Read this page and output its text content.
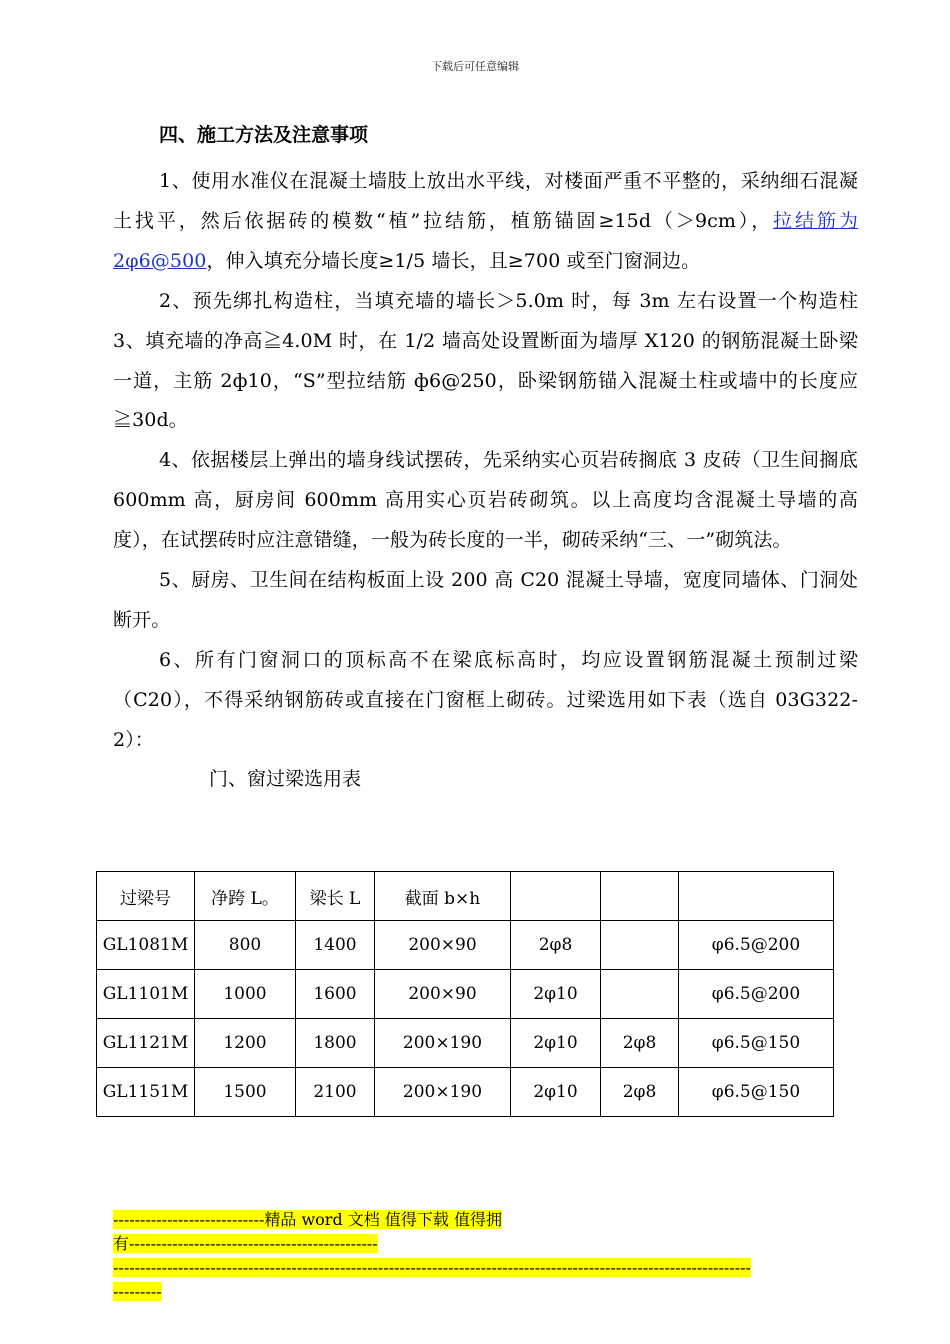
下载后可任意编辑
四、施工方法及注意事项

1、使用水准仪在混凝土墙肢上放出水平线，对楼面严重不平整的，采纳细石混凝土找平，然后依据砖的模数“植”拉结筋，植筋锚固≥15d（＞9cm），拉结筋为 2φ6@500，伸入填充分墙长度≥1/5 墙长，且≥700 或至门窗洞边。

2、预先绑扎构造柱，当填充墙的墙长＞5.0m 时，每 3m 左右设置一个构造柱 3、填充墙的净高≧4.0M 时，在 1/2 墙高处设置断面为墙厚 X120 的钢筋混凝土卧梁一道，主筋 2ф10，“S”型拉结筋 ф6@250，卧梁钢筋锚入混凝土柱或墙中的长度应≧30d。

4、依据楼层上弹出的墙身线试摆砖，先采纳实心页岩砖搁底 3 皮砖（卫生间搁底 600mm 高，厨房间 600mm 高用实心页岩砖砌筑。以上高度均含混凝土导墙的高度），在试摆砖时应注意错缝，一般为砖长度的一半，砌砖采纳“三、一”砌筑法。

5、厨房、卫生间在结构板面上设 200 高 C20 混凝土导墙，宽度同墙体、门洞处断开。

6、所有门窗洞口的顶标高不在梁底标高时，均应设置钢筋混凝土预制过梁（C20），不得采纳钢筋砖或直接在门窗框上砌砖。过梁选用如下表（选自 03G322-2）：

门、窗过梁选用表
过梁号	净跨 L。	梁长 L	截面 b×h			
GL1081M	800	1400	200×90	2φ8		φ6.5@200
GL1101M	1000	1600	200×90	2φ10		φ6.5@200
GL1121M	1200	1800	200×190	2φ10	2φ8	φ6.5@150
GL1151M	1500	2100	200×190	2φ10	2φ8	φ6.5@150
----------------------------精品 word 文档 值得下载 值得拥
有----------------------------------------------
----------------------------------------------------------------------------------------------------------------------
---------
